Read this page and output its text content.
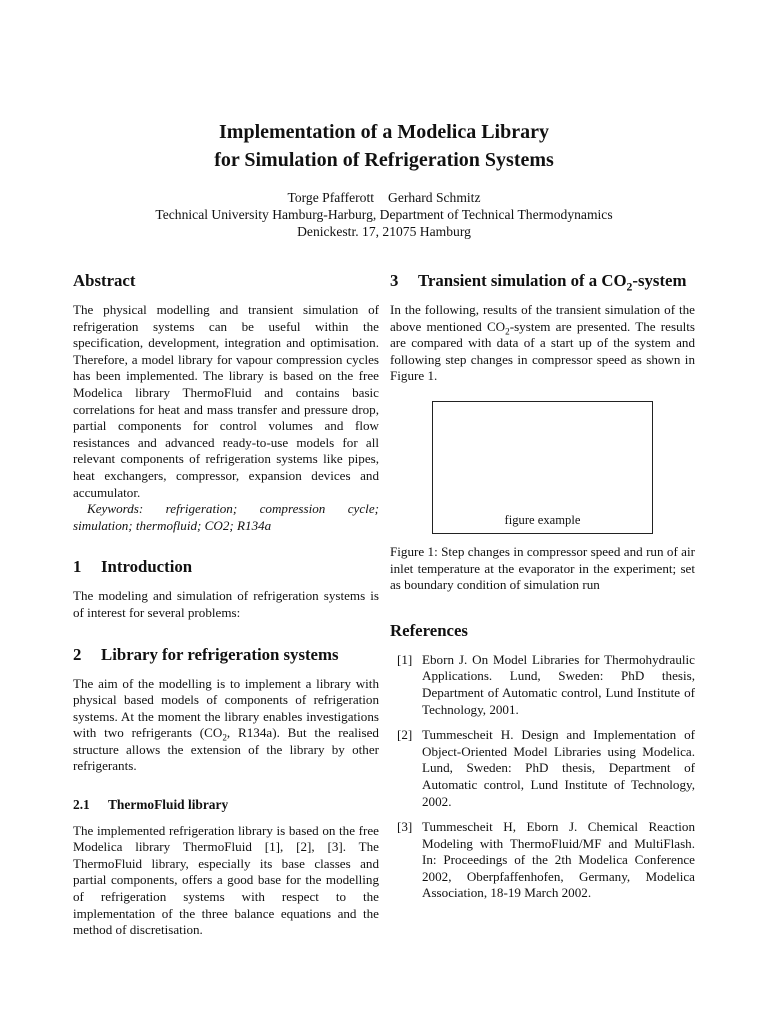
Implementation of a Modelica Library
for Simulation of Refrigeration Systems
Torge Pfafferott Gerhard Schmitz
Technical University Hamburg-Harburg, Department of Technical Thermodynamics
Denickestr. 17, 21075 Hamburg
Abstract

The physical modelling and transient simulation of refrigeration systems can be useful within the specification, development, integration and optimisation. Therefore, a model library for vapour compression cycles has been implemented. The library is based on the free Modelica library ThermoFluid and contains basic correlations for heat and mass transfer and pressure drop, partial components for control volumes and flow resistances and advanced ready-to-use models for all relevant components of refrigeration systems like pipes, heat exchangers, compressor, expansion devices and accumulator.

Keywords: refrigeration; compression cycle; simulation; thermofluid; CO2; R134a

1 Introduction

The modeling and simulation of refrigeration systems is of interest for several problems:

2 Library for refrigeration systems

The aim of the modelling is to implement a library with physical based models of components of refrigeration systems. At the moment the library enables investigations with two refrigerants ($CO_2$, R134a). But the realised structure allows the extension of the library by other refrigerants.

2.1 ThermoFluid library

The implemented refrigeration library is based on the free Modelica library ThermoFluid [1], [2], [3]. The ThermoFluid library, especially its base classes and partial components, offers a good base for the modelling of refrigeration systems with respect to the implementation of the three balance equations and the method of discretisation.

3	Transient simulation of a $CO_2$-system

In the following, results of the transient simulation of the above mentioned $CO_2$-system are presented. The results are compared with data of a start up of the system and following step changes in compressor speed as shown in Figure 1.

figure example

Figure 1: Step changes in compressor speed and run of air inlet temperature at the evaporator in the experiment; set as boundary condition of simulation run

References
[1] Eborn J. On Model Libraries for Thermohydraulic Applications. Lund, Sweden: PhD thesis, Department of Automatic control, Lund Institute of Technology, 2001.
[2] Tummescheit H. Design and Implementation of Object-Oriented Model Libraries using Modelica. Lund, Sweden: PhD thesis, Department of Automatic control, Lund Institute of Technology, 2002.
[3] Tummescheit H, Eborn J. Chemical Reaction Modeling with ThermoFluid/MF and MultiFlash. In: Proceedings of the 2th Modelica Conference 2002, Oberpfaffenhofen, Germany, Modelica Association, 18-19 March 2002.
